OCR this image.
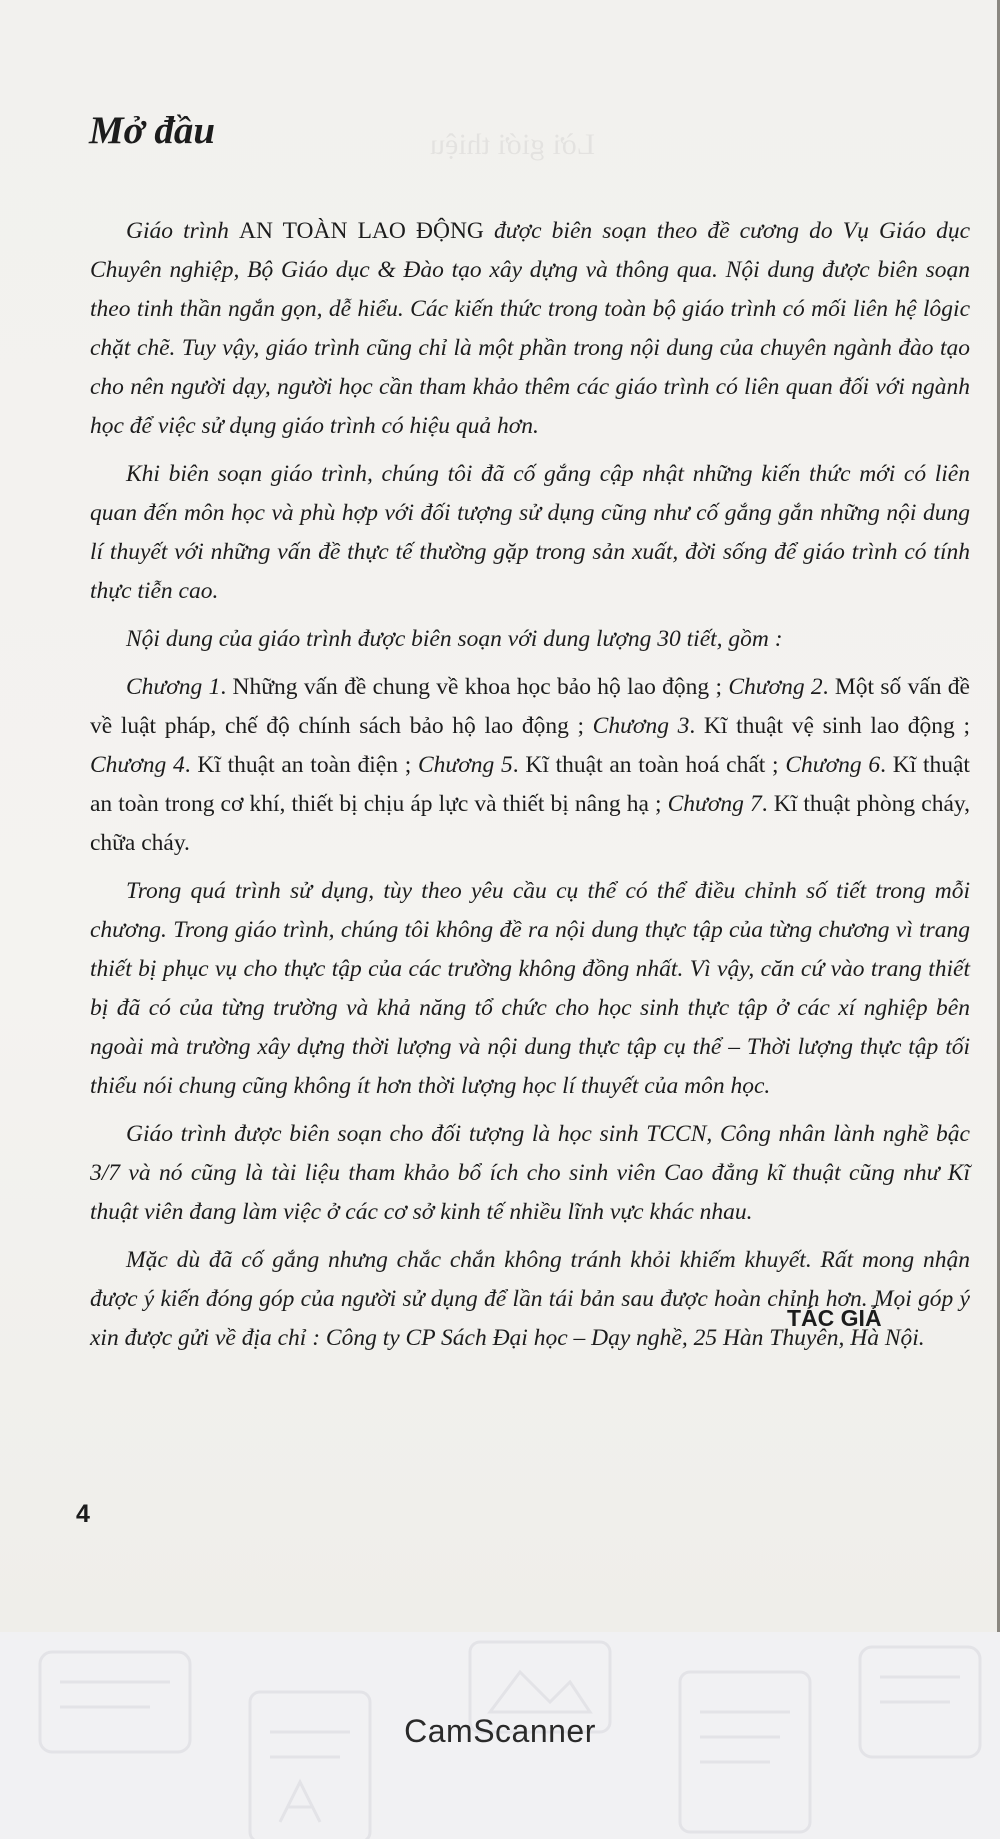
Lời giới thiệu
Mở đầu

Giáo trình AN TOÀN LAO ĐỘNG được biên soạn theo đề cương do Vụ Giáo dục Chuyên nghiệp, Bộ Giáo dục & Đào tạo xây dựng và thông qua. Nội dung được biên soạn theo tinh thần ngắn gọn, dễ hiểu. Các kiến thức trong toàn bộ giáo trình có mối liên hệ lôgic chặt chẽ. Tuy vậy, giáo trình cũng chỉ là một phần trong nội dung của chuyên ngành đào tạo cho nên người dạy, người học cần tham khảo thêm các giáo trình có liên quan đối với ngành học để việc sử dụng giáo trình có hiệu quả hơn.

Khi biên soạn giáo trình, chúng tôi đã cố gắng cập nhật những kiến thức mới có liên quan đến môn học và phù hợp với đối tượng sử dụng cũng như cố gắng gắn những nội dung lí thuyết với những vấn đề thực tế thường gặp trong sản xuất, đời sống để giáo trình có tính thực tiễn cao.

Nội dung của giáo trình được biên soạn với dung lượng 30 tiết, gồm :

Chương 1. Những vấn đề chung về khoa học bảo hộ lao động ; Chương 2. Một số vấn đề về luật pháp, chế độ chính sách bảo hộ lao động ; Chương 3. Kĩ thuật vệ sinh lao động ; Chương 4. Kĩ thuật an toàn điện ; Chương 5. Kĩ thuật an toàn hoá chất ; Chương 6. Kĩ thuật an toàn trong cơ khí, thiết bị chịu áp lực và thiết bị nâng hạ ; Chương 7. Kĩ thuật phòng cháy, chữa cháy.

Trong quá trình sử dụng, tùy theo yêu cầu cụ thể có thể điều chỉnh số tiết trong mỗi chương. Trong giáo trình, chúng tôi không đề ra nội dung thực tập của từng chương vì trang thiết bị phục vụ cho thực tập của các trường không đồng nhất. Vì vậy, căn cứ vào trang thiết bị đã có của từng trường và khả năng tổ chức cho học sinh thực tập ở các xí nghiệp bên ngoài mà trường xây dựng thời lượng và nội dung thực tập cụ thể – Thời lượng thực tập tối thiểu nói chung cũng không ít hơn thời lượng học lí thuyết của môn học.

Giáo trình được biên soạn cho đối tượng là học sinh TCCN, Công nhân lành nghề bậc 3/7 và nó cũng là tài liệu tham khảo bổ ích cho sinh viên Cao đẳng kĩ thuật cũng như Kĩ thuật viên đang làm việc ở các cơ sở kinh tế nhiều lĩnh vực khác nhau.

Mặc dù đã cố gắng nhưng chắc chắn không tránh khỏi khiếm khuyết. Rất mong nhận được ý kiến đóng góp của người sử dụng để lần tái bản sau được hoàn chỉnh hơn. Mọi góp ý xin được gửi về địa chỉ : Công ty CP Sách Đại học – Dạy nghề, 25 Hàn Thuyên, Hà Nội.

TÁC GIẢ
4
CamScanner
